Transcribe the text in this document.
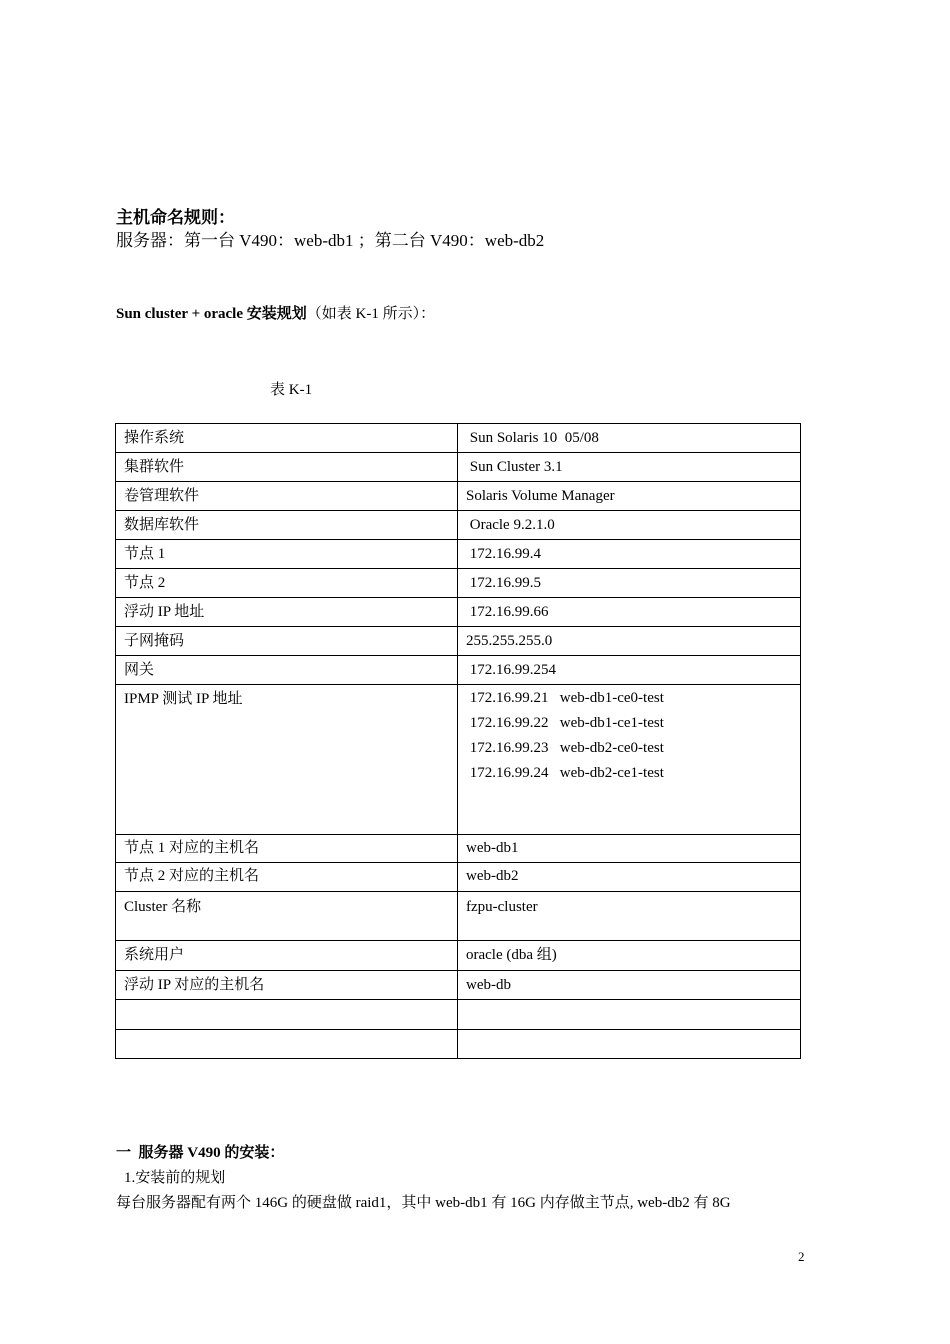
主机命名规则：
服务器：第一台 V490：web-db1 ；第二台 V490：web-db2
Sun cluster + oracle 安装规划（如表 K-1 所示）：
表 K-1
操作系统	Sun Solaris 10  05/08
集群软件	Sun Cluster 3.1
卷管理软件	Solaris Volume Manager
数据库软件	Oracle 9.2.1.0
节点 1	172.16.99.4
节点 2	172.16.99.5
浮动 IP 地址	172.16.99.66
子网掩码	255.255.255.0
网关	172.16.99.254
IPMP 测试 IP 地址	172.16.99.21   web-db1-ce0-test
172.16.99.22   web-db1-ce1-test
172.16.99.23   web-db2-ce0-test
172.16.99.24   web-db2-ce1-test

节点 1 对应的主机名	web-db1
节点 2 对应的主机名	web-db2
Cluster 名称	fzpu-cluster
系统用户	oracle (dba 组)
浮动 IP 对应的主机名	web-db

一  服务器 V490 的安装：
1.安装前的规划
每台服务器配有两个 146G 的硬盘做 raid1，其中 web-db1 有 16G 内存做主节点, web-db2 有 8G
2
